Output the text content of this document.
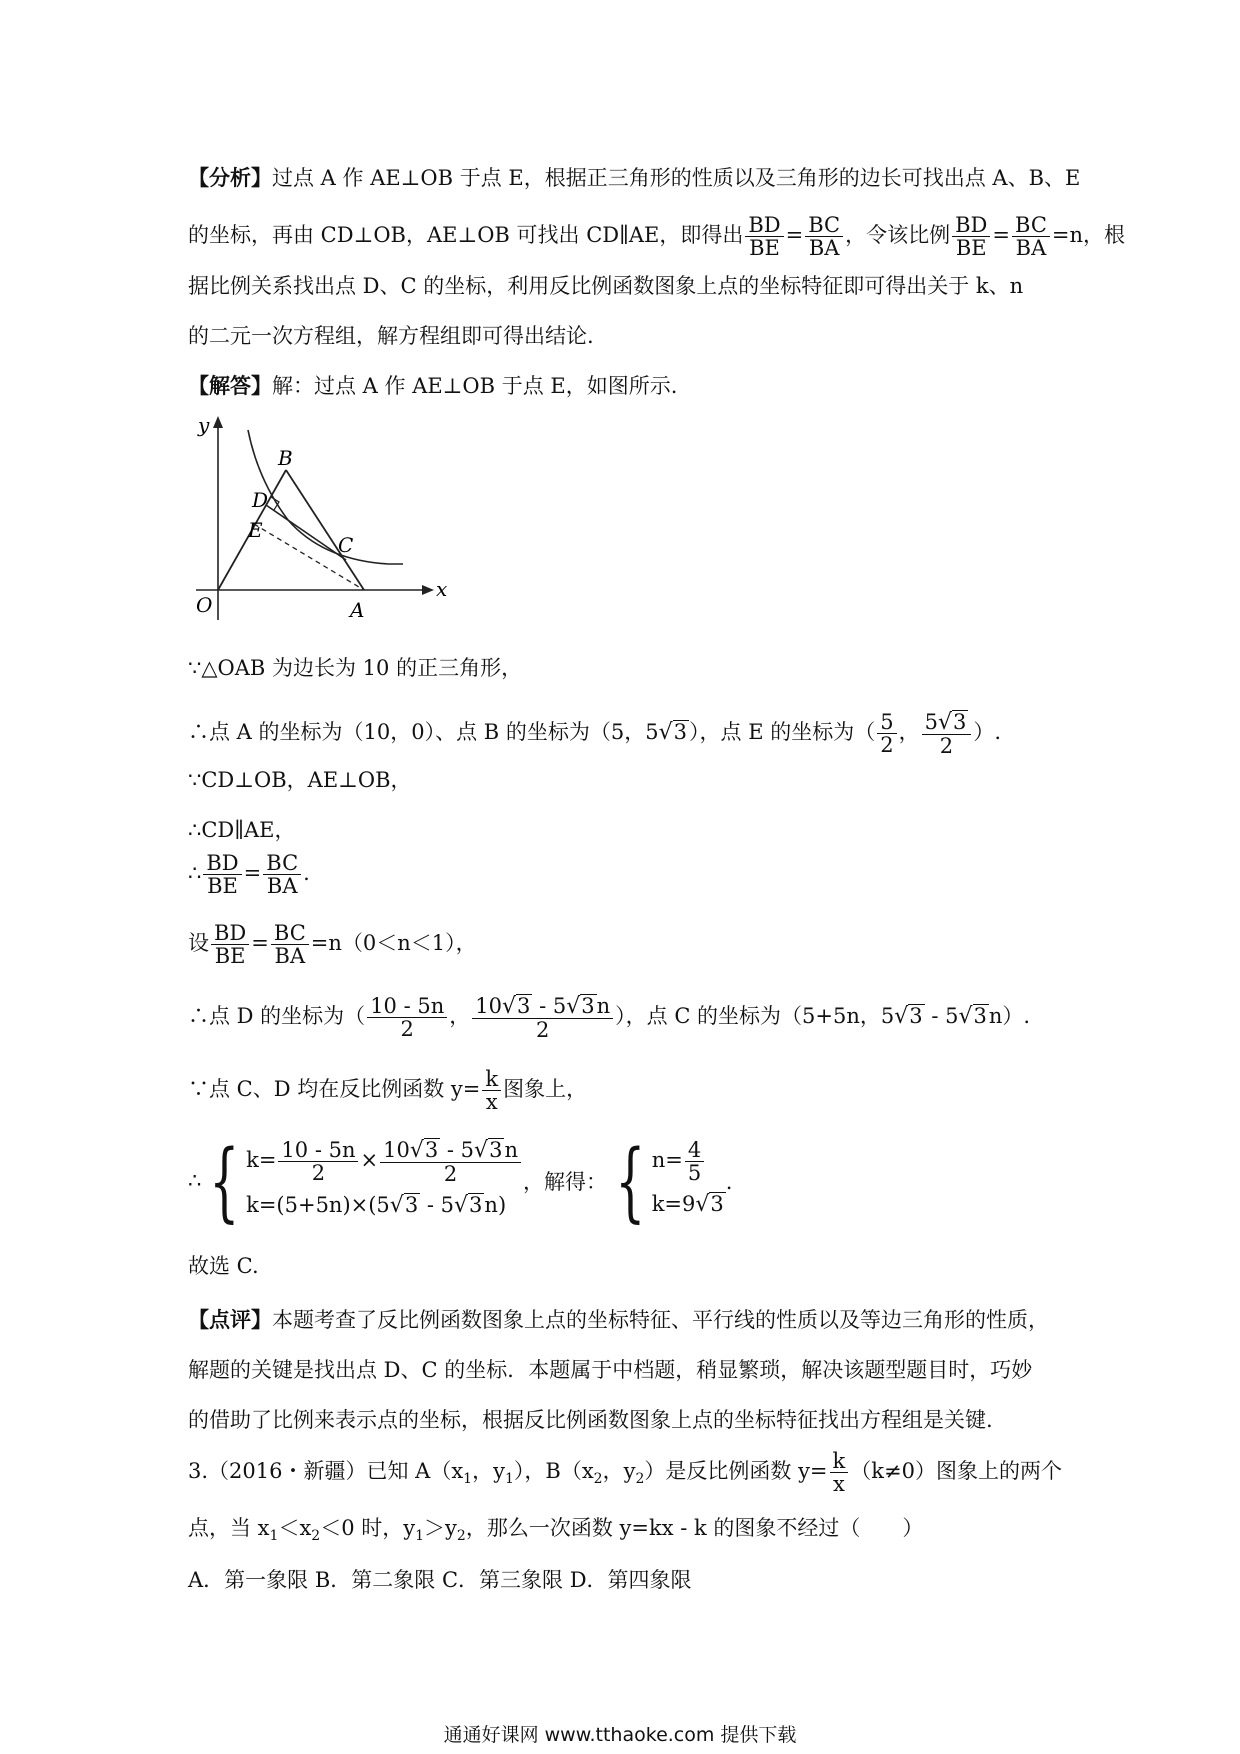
【分析】过点 A 作 AE⊥OB 于点 E，根据正三角形的性质以及三角形的边长可找出点 A、B、E
的坐标，再由 CD⊥OB，AE⊥OB 可找出 CD∥AE，即得出 $\frac{BD}{BE} = \frac{BC}{BA}$ ，令该比例 $\frac{BD}{BE} = \frac{BC}{BA} =n$，根
据比例关系找出点 D、C 的坐标，利用反比例函数图象上点的坐标特征即可得出关于 k、n
的二元一次方程组，解方程组即可得出结论.
【解答】解：过点 A 作 AE⊥OB 于点 E，如图所示.
y
x
O	A
B
C
D
E
∵△OAB 为边长为 10 的正三角形，
∴点 A 的坐标为（10，0）、点 B 的坐标为（5，5√3），点 E 的坐标为（ $\frac{5}{2}$ ， $\frac{5√3}{2}$ ）.
∵CD⊥OB，AE⊥OB，
∴CD∥AE，
∴ $\frac{BD}{BE} = \frac{BC}{BA}$ .
设 $\frac{BD}{BE} = \frac{BC}{BA} =n(0<n<1)$，
∴点 D 的坐标为（ $\frac{10 - 5n}{2}$ ， $\frac{10√3 - 5√3n}{2}$ ），点 C 的坐标为（5+5n，5√3 - 5√3n）.
∵点 C、D 均在反比例函数 $y= \frac{k}{x}$ 图象上，
∴{ $k= \frac{10 - 5n}{2} \times \frac{10√3 - 5√3n}{2}$
k=(5+5n)×(5√3 - 5√3n)
，解得：{ $n= \frac{4}{5}$
k=9√3
.
故选 C.
【点评】本题考查了反比例函数图象上点的坐标特征、平行线的性质以及等边三角形的性质，
解题的关键是找出点 D、C 的坐标．本题属于中档题，稍显繁琐，解决该题型题目时，巧妙
的借助了比例来表示点的坐标，根据反比例函数图象上点的坐标特征找出方程组是关键.
3.（2016・新疆）已知 $A(x_1$，$y_1$），$B(x_2$，$y_2$）是反比例函数 $y= \frac{k}{x} (k\ne 0)$图象上的两个
点，当 $x_1<x_2<0$ 时，$y_1>y_2$，那么一次函数 y=kx - k 的图象不经过（　　）
A．第一象限 B．第二象限 C．第三象限 D．第四象限
通通好课网 www.tthaoke.com 提供下载
